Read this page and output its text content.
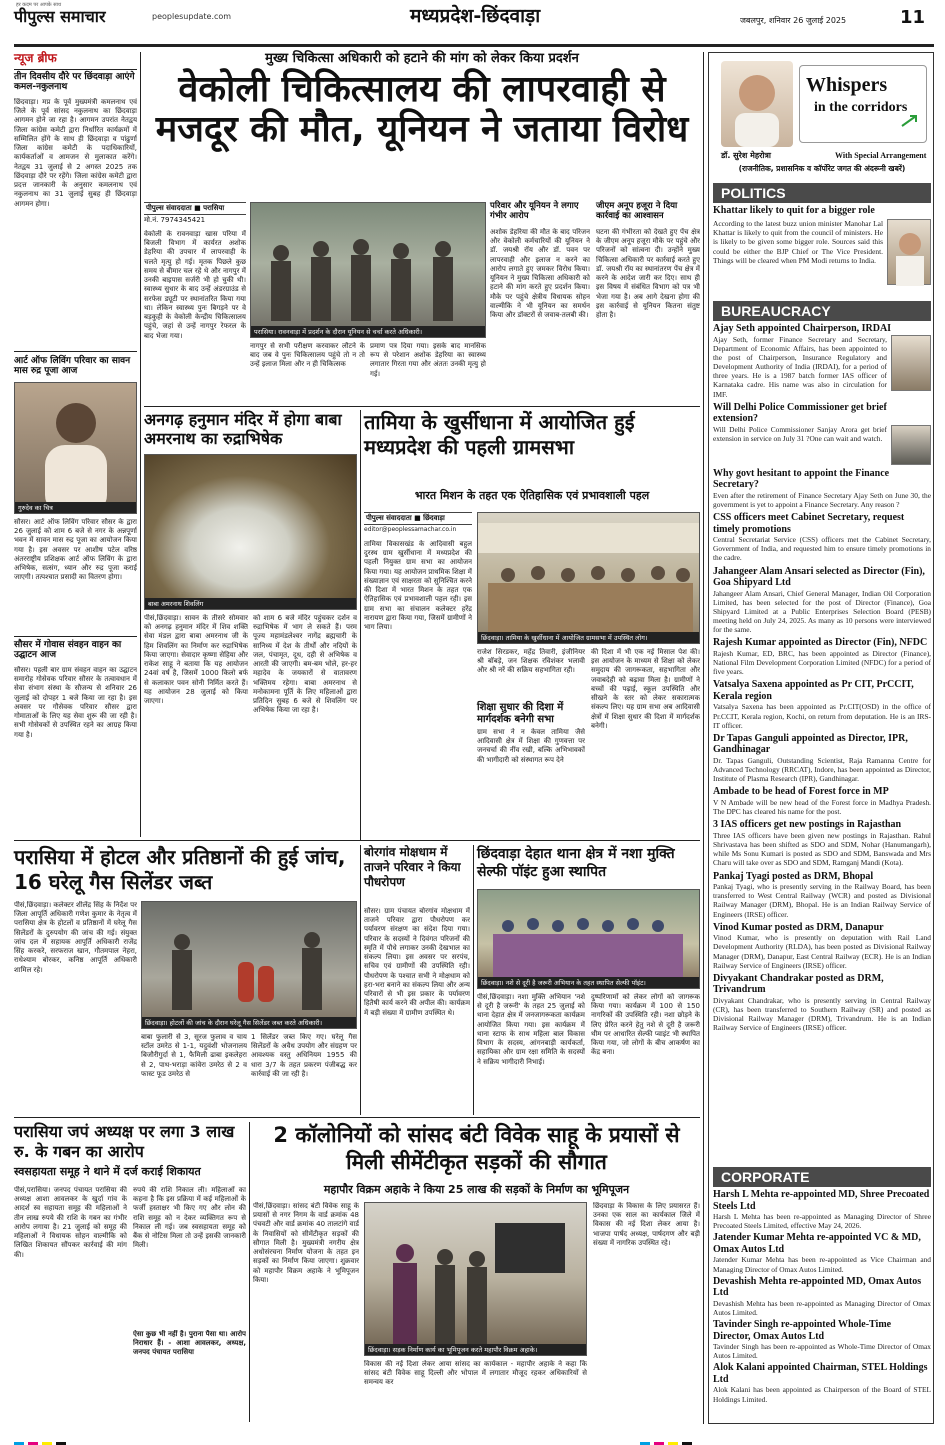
पीपुल्स समाचार
हर कदम पर आपके साथ
peoplesupdate.com	मध्यप्रदेश-छिंदवाड़ा	जबलपुर, शनिवार 26 जुलाई 2025	11
न्यूज ब्रीफ
तीन दिवसीय दौरे पर छिंदवाड़ा आएंगे कमल-नकुलनाथ
छिंदवाड़ा। मप्र के पूर्व मुख्यमंत्री कमलनाथ एवं जिले के पूर्व सांसद नकुलनाथ का छिंदवाड़ा आगमन होने जा रहा है। आगमन उपरांत नेतद्वय जिला कांग्रेस कमेटी द्वारा निर्धारित कार्यक्रमों में सम्मिलित होंगे के साथ ही छिंदवाड़ा व पांढुर्णा जिला कांग्रेस कमेटी के पदाधिकारियों, कार्यकर्ताओं व आमजन से मुलाकात करेंगे। नेतद्वय 31 जुलाई से 2 अगस्त 2025 तक छिंदवाड़ा दौरे पर रहेंगे। जिला कांग्रेस कमेटी द्वारा प्रदत्त जानकारी के अनुसार कमलनाथ एवं नकुलनाथ का 31 जुलाई सुबह ही छिंदवाड़ा आगमन होगा।
आर्ट ऑफ लिविंग परिवार का सावन मास रुद्र पूजा आज
गुरुदेव का चित्र
सौसर। आर्ट ऑफ लिविंग परिवार सौसर के द्वारा 26 जुलाई को शाम 6 बजे से नगर के अन्नपूर्णा भवन में सावन मास रुद्र पूजा का आयोजन किया गया है। इस अवसर पर आशीष पटेल वरिष्ठ अंतरराष्ट्रीय प्रशिक्षक आर्ट ऑफ लिविंग के द्वारा अभिषेक, सत्संग, ध्यान और रुद्र पूजा कराई जाएगी। तत्पश्चात प्रसादी का वितरण होगा।
सौसर में गोवास संवहन वाहन का उद्घाटन आज
सौसर। पहली बार ग्राम संवहन वाहन का उद्घाटन समारोह गोसेवक परिवार सौसर के तत्वावधान में सेवा संभाग संस्था के सौजन्य से शनिवार 26 जुलाई को दोपहर 1 बजे किया जा रहा है। इस अवसर पर गौसेवक परिवार सौसर द्वारा गोमाताओं के लिए यह सेवा शुरू की जा रही है। सभी गोसेवकों से उपस्थित रहने का आग्रह किया गया है।
मुख्य चिकित्सा अधिकारी को हटाने की मांग को लेकर किया प्रदर्शन
वेकोली चिकित्सालय की लापरवाही से मजदूर की मौत, यूनियन ने जताया विरोध
पीपुल्स संवाददाता ■ परासिया
मो.नं. 7974345421
वेकोली के रावनवाड़ा खास परिया में बिजली विभाग में कार्यरत अशोक डेहरिया की उपचार में लापरवाही के चलते मृत्यु हो गई। मृतक पिछले कुछ समय से बीमार चल रहे थे और नागपुर में उनकी बाइपास सर्जरी भी हो चुकी थी। स्वास्थ्य सुधार के बाद उन्हें अंडरग्राउंड से सरफेस ड्यूटी पर स्थानांतरित किया गया था। लेकिन स्वास्थ्य पुनः बिगड़ने पर वे बड़कुही के वेकोली केन्द्रीय चिकित्सालय पहुंचे, जहां से उन्हें नागपुर रेफरल के बाद भेजा गया।	परासिया। रावनवाड़ा में प्रदर्शन के दौरान यूनियन से चर्चा करते अधिकारी।
नागपुर से सभी परीक्षण करवाकर लौटने के बाद जब वे पुनः चिकित्सालय पहुंचे तो न तो उन्हें इलाज मिला और न ही चिकित्सक
प्रमाण पत्र दिया गया। इसके बाद मानसिक रूप से परेशान अशोक डेहरिया का स्वास्थ्य लगातार गिरता गया और अंततः उनकी मृत्यु हो गई।
परिवार और यूनियन ने लगाए गंभीर आरोप
अशोक डेहरिया की मौत के बाद परिजन और वेकोली कर्मचारियों की यूनियन ने डॉ. जयश्री रॉय और डॉ. पवन पर लापरवाही और इलाज न करने का आरोप लगाते हुए जमकर विरोध किया। यूनियन ने मुख्य चिकित्सा अधिकारी को हटाने की मांग करते हुए प्रदर्शन किया। मौके पर पहुंचे क्षेत्रीय विधायक सोहन वाल्मीकि ने भी यूनियन का समर्थन किया और डॉक्टरों से जवाब-तलबी की।
जीएम अनूप हजूरा ने दिया कार्रवाई का आश्वासन
घटना की गंभीरता को देखते हुए पेंच क्षेत्र के जीएम अनूप हजूरा मौके पर पहुंचे और परिजनों को सांत्वना दी। उन्होंने मुख्य चिकित्सा अधिकारी पर कार्रवाई करते हुए डॉ. जयश्री रॉय का स्थानांतरण पेंच क्षेत्र में करने के आदेश जारी कर दिए। साथ ही इस विषय में संबंधित विभाग को पत्र भी भेजा गया है। अब आगे देखना होगा की इस कार्रवाई से यूनियन कितना संतुष्ट होता है।
अनगढ़ हनुमान मंदिर में होगा बाबा अमरनाथ का रुद्राभिषेक
बाबा अमरनाथ शिवलिंग
पीसं,छिंदवाड़ा। सावन के तीसरे सोमवार को अनगढ़ हनुमान मंदिर में शिव शक्ति सेवा मंडल द्वारा बाबा अमरनाथ जी के हिम शिवलिंग का निर्माण कर रुद्राभिषेक किया जाएगा। सेवादार कृष्णा सेहिया और राकेश साहू ने बताया कि यह आयोजन 24वां वर्ष है, जिसमें 1000 किलो बर्फ से कलाकार पवन सोनी निर्मित करते हैं। यह आयोजन 28 जुलाई को किया जाएगा।
को शाम 6 बजे मंदिर पहुंचकर दर्शन व रुद्राभिषेक में भाग ले सकते हैं। परम पूज्य महामंडलेश्वर नागेंद्र ब्रह्मचारी के सानिध्य में देश के तीर्थों और नदियों के जल, पंचामृत, दूध, दही से अभिषेक व आरती की जाएगी। बम-बम भोले, हर-हर महादेव के जयकारों से वातावरण भक्तिमय रहेगा। बाबा अमरनाथ से मनोकामना पूर्ति के लिए महिलाओं द्वारा प्रतिदिन सुबह 6 बजे से शिवलिंग पर अभिषेक किया जा रहा है।
तामिया के खुर्सीधाना में आयोजित हुई मध्यप्रदेश की पहली ग्रामसभा
भारत मिशन के तहत एक ऐतिहासिक एवं प्रभावशाली पहल
पीपुल्स संवाददाता ■ छिंदवाड़ा
editor@peoplessamachar.co.in
तामिया विकासखंड के आदिवासी बहुल दुरस्थ ग्राम खुर्सीधाना में मध्यप्रदेश की पहली नियुक्त ग्राम सभा का आयोजन किया गया। यह आयोजन प्राथमिक शिक्षा में संख्याज्ञान एवं साक्षरता को सुनिश्चित करने की दिशा में भारत मिशन के तहत एक ऐतिहासिक एवं प्रभावशाली पहल रही। इस ग्राम सभा का संचालन कलेक्टर हरेंद्र नारायण द्वारा किया गया, जिसमें ग्रामीणों ने भाग लिया।
छिंदवाड़ा। तामिया के खुर्सीधाना में आयोजित ग्रामसभा में उपस्थित लोग।
राजेश सिरडकर, महेंद्र तिवारी, इंजीनियर श्री बॉबड़े, जन शिक्षक रविशंकर भलावी और श्री नरें की सक्रिय सहभागिता रही।
शिक्षा सुधार की दिशा में मार्गदर्शक बनेगी सभा
ग्राम सभा ने न केवल तामिया जैसे आदिवासी क्षेत्र में शिक्षा की गुणवत्ता पर जनचर्चा की नींव रखी, बल्कि अभिभावकों की भागीदारी को संस्थागत रूप देने
की दिशा में भी एक नई मिसाल पेश की। इस आयोजन के माध्यम से शिक्षा को लेकर समुदाय की जागरूकता, सहभागिता और जवाबदेही को बढ़ावा मिला है। ग्रामीणों ने बच्चों की पढ़ाई, स्कूल उपस्थिति और सीखने के स्तर को लेकर सकारात्मक संकल्प लिए। यह ग्राम सभा अब आदिवासी क्षेत्रों में शिक्षा सुधार की दिशा में मार्गदर्शक बनेगी।
परासिया में होटल और प्रतिष्ठानों की हुई जांच, 16 घरेलू गैस सिलेंडर जब्त
पीसं,छिंदवाड़ा। कलेक्टर शीलेंद्र सिंह के निर्देश पर जिला आपूर्ति अधिकारी गणेश कुमार के नेतृत्व में परासिया क्षेत्र के होटलों व प्रतिष्ठानों में घरेलू गैस सिलेंडरों के दुरुपयोग की जांच की गई। संयुक्त जांच दल में सहायक आपूर्ति अधिकारी राजेंद्र सिंह करकरे, सरफराज खान, गौतमपाल नेहरा, राधेश्याम बोरकर, कनिष्ठ आपूर्ति अधिकारी शामिल रहे।
छिंदवाड़ा। होटलों की जांच के दौरान घरेलू गैस सिलेंडर जब्त करते अधिकारी।
बाबा फुलारी से 3, सूरज फुलाव व चाय स्टॉल उमरेठ से 1-1, यदुवंशी भोजनालय बिजौरीगुर्दा से 1, फैमिली ढाबा इकलेहरा से 2, पाथ-भराड़ा कांवेरा उमरेठ से 2 व फास्ट फूड उमरेठ से
1 सिलेंडर जब्त किए गए। घरेलू गैस सिलेंडरों के अवैध उपयोग और संग्रहण पर आवश्यक वस्तु अधिनियम 1955 की धारा 3/7 के तहत प्रकरण पंजीबद्ध कर कार्रवाई की जा रही है।
बोरगांव मोक्षधाम में ताजने परिवार ने किया पौधरोपण
सौसर। ग्राम पंचायत बोरगांव मोक्षधाम में ताजने परिवार द्वारा पौधरोपण कर पर्यावरण संरक्षण का संदेश दिया गया। परिवार के सदस्यों ने दिवंगत परिजनों की स्मृति में पौधे लगाकर उनकी देखभाल का संकल्प लिया। इस अवसर पर सरपंच, सचिव एवं ग्रामीणों की उपस्थिति रही। पौधरोपण के पश्चात सभी ने मोक्षधाम को हरा-भरा बनाने का संकल्प लिया और अन्य परिवारों से भी इस प्रकार के पर्यावरण हितैषी कार्य करने की अपील की। कार्यक्रम में बड़ी संख्या में ग्रामीण उपस्थित थे।
छिंदवाड़ा देहात थाना क्षेत्र में नशा मुक्ति सेल्फी पॉइंट हुआ स्थापित
छिंदवाड़ा। नशे से दूरी है जरूरी अभियान के तहत स्थापित सेल्फी पॉइंट।
पीसं,छिंदवाड़ा। नशा मुक्ति अभियान 'नशे से दूरी है जरूरी' के तहत 25 जुलाई को थाना देहात क्षेत्र में जनजागरूकता कार्यक्रम आयोजित किया गया। इस कार्यक्रम में थाना स्टाफ के साथ महिला बाल विकास विभाग के सदस्य, आंगनबाड़ी कार्यकर्ता, सहायिका और ग्राम रक्षा समिति के सदस्यों ने सक्रिय भागीदारी निभाई।
दुष्परिणामों को लेकर लोगों को जागरूक किया गया। कार्यक्रम में 100 से 150 नागरिकों की उपस्थिति रही। नशा छोड़ने के लिए प्रेरित करने हेतु नशे से दूरी है जरूरी थीम पर आधारित सेल्फी प्वाइंट भी स्थापित किया गया, जो लोगों के बीच आकर्षण का केंद्र बना।
परासिया जपं अध्यक्ष पर लगा 3 लाख रु. के गबन का आरोप
स्वसहायता समूह ने थाने में दर्ज कराई शिकायत
पीसं,परासिया। जनपद पंचायत परासिया की अध्यक्ष आशा आवलकर के खुर्दा गांव के आदर्श स्व सहायता समूह की महिलाओं ने तीन लाख रुपये की राशि के गबन का गंभीर आरोप लगाया है। 21 जुलाई को समूह की महिलाओं ने विधायक सोहन वाल्मीकि को लिखित शिकायत सौंपकर कार्रवाई की मांग की।
रुपये की राशि निकाल ली। महिलाओं का कहना है कि इस प्रक्रिया में कई महिलाओं के फर्जी हस्ताक्षर भी किए गए और लोन की राशि समूह को न देकर व्यक्तिगत रूप से निकाल ली गई। जब स्वसहायता समूह को बैंक से नोटिस मिला तो उन्हें इसकी जानकारी मिली।
ऐसा कुछ भी नहीं है। पुराना पैसा था। आरोप निराधार हैं। - आशा आवलकर, अध्यक्ष, जनपद पंचायत परासिया
2 कॉलोनियों को सांसद बंटी विवेक साहू के प्रयासों से मिली सीमेंटीकृत सड़कों की सौगात
महापौर विक्रम अहाके ने किया 25 लाख की सड़कों के निर्माण का भूमिपूजन
पीसं,छिंदवाड़ा। सांसद बंटी विवेक साहू के प्रयासों से नगर निगम के वार्ड क्रमांक 48 पंचवटी और वार्ड क्रमांक 40 तालटांगे वार्ड के निवासियों को सीमेंटीकृत सड़कों की सौगात मिली है। मुख्यमंत्री नगरीय क्षेत्र अधोसंरचना निर्माण योजना के तहत इन सड़कों का निर्माण किया जाएगा। शुक्रवार को महापौर विक्रम अहाके ने भूमिपूजन किया।
छिंदवाड़ा। सड़क निर्माण कार्य का भूमिपूजन करते महापौर विक्रम अहाके।
विकास की नई दिशा लेकर आया सांसद का कार्यकाल - महापौर अहाके ने कहा कि सांसद बंटी विवेक साहू दिल्ली और भोपाल में लगातार मौजूद रहकर अधिकारियों से समन्वय कर
छिंदवाड़ा के विकास के लिए प्रयासरत हैं। उनका एक साल का कार्यकाल जिले में विकास की नई दिशा लेकर आया है। भाजपा पार्षद अध्यक्ष, पार्षदगण और बड़ी संख्या में नागरिक उपस्थित रहे।
Whispers
in the corridors
डॉ. सुरेश मेहरोत्रा	With Special Arrangement
(राजनीतिक, प्रशासनिक व कॉर्पोरेट जगत की अंदरूनी खबरें)
POLITICS
Khattar likely to quit for a bigger role
According to the latest buzz union minister Manohar Lal Khattar is likely to quit from the council of ministers. He is likely to be given some bigger role. Sources said this could be either the BJP Chief or The Vice President. Things will be cleared when PM Modi returns to India.
BUREAUCRACY
Ajay Seth appointed Chairperson, IRDAI
Ajay Seth, former Finance Secretary and Secretary, Department of Economic Affairs, has been appointed to the post of Chairperson, Insurance Regulatory and Development Authority of India (IRDAI), for a period of three years. He is a 1987 batch former IAS officer of Karnataka cadre. His name was also in circulation for IMF.
Will Delhi Police Commissioner get brief extension?
Will Delhi Police Commissioner Sanjay Arora get brief extension in service on July 31 ?One can wait and watch.
Why govt hesitant to appoint the Finance Secretary?
Even after the retirement of Finance Secretary Ajay Seth on June 30, the government is yet to appoint a Finance Secretary. Any reason ?
CSS officers meet Cabinet Secretary, request timely promotions
Central Secretariat Service (CSS) officers met the Cabinet Secretary, Government of India, and requested him to ensure timely promotions in the cadre.
Jahangeer Alam Ansari selected as Director (Fin), Goa Shipyard Ltd
Jahangeer Alam Ansari, Chief General Manager, Indian Oil Corporation Limited, has been selected for the post of Director (Finance), Goa Shipyard Limited at a Public Enterprises Selection Board (PESB) meeting held on July 24, 2025. As many as 10 persons were interviewed for the same.
Rajesh Kumar appointed as Director (Fin), NFDC
Rajesh Kumar, ED, BRC, has been appointed as Director (Finance), National Film Development Corporation Limited (NFDC) for a period of five years.
Vatsalya Saxena appointed as Pr CIT, PrCCIT, Kerala region
Vatsalya Saxena has been appointed as Pr.CIT(OSD) in the office of Pr.CCIT, Kerala region, Kochi, on return from deputation. He is an IRS-IT officer.
Dr Tapas Ganguli appointed as Director, IPR, Gandhinagar
Dr. Tapas Ganguli, Outstanding Scientist, Raja Ramanna Centre for Advanced Technology (RRCAT), Indore, has been appointed as Director, Institute of Plasma Research (IPR), Gandhinagar.
Ambade to be head of Forest force in MP
V N Ambade will be new head of the Forest force in Madhya Pradesh. The DPC has cleared his name for the post.
3 IAS officers get new postings in Rajasthan
Three IAS officers have been given new postings in Rajasthan. Rahul Shrivastava has been shifted as SDO and SDM, Nohar (Hanumangarh), while Ms Sonu Kumari is posted as SDO and SDM, Banswada and Mrs Charu will take over as SDO and SDM, Ramganj Mandi (Kota).
Pankaj Tyagi posted as DRM, Bhopal
Pankaj Tyagi, who is presently serving in the Railway Board, has been transferred to West Central Railway (WCR) and posted as Divisional Railway Manager (DRM), Bhopal. He is an Indian Railway Service of Engineers (IRSE) officer.
Vinod Kumar posted as DRM, Danapur
Vinod Kumar, who is presently on deputation with Rail Land Development Authority (RLDA), has been posted as Divisional Railway Manager (DRM), Danapur, East Central Railway (ECR). He is an Indian Railway Service of Engineers (IRSE) officer.
Divyakant Chandrakar posted as DRM, Trivandrum
Divyakant Chandrakar, who is presently serving in Central Railway (CR), has been transferred to Southern Railway (SR) and posted as Divisional Railway Manager (DRM), Trivandrum. He is an Indian Railway Service of Engineers (IRSE) officer.
CORPORATE
Harsh L Mehta re-appointed MD, Shree Precoated Steels Ltd
Harsh L Mehta has been re-appointed as Managing Director of Shree Precoated Steels Limited, effective May 24, 2026.
Jatender Kumar Mehta re-appointed VC & MD, Omax Autos Ltd
Jatender Kumar Mehta has been re-appointed as Vice Chairman and Managing Director of Omax Autos Limited.
Devashish Mehta re-appointed MD, Omax Autos Ltd
Devashish Mehta has been re-appointed as Managing Director of Omax Autos Limited.
Tavinder Singh re-appointed Whole-Time Director, Omax Autos Ltd
Tavinder Singh has been re-appointed as Whole-Time Director of Omax Autos Limited.
Alok Kalani appointed Chairman, STEL Holdings Ltd
Alok Kalani has been appointed as Chairperson of the Board of STEL Holdings Limited.
